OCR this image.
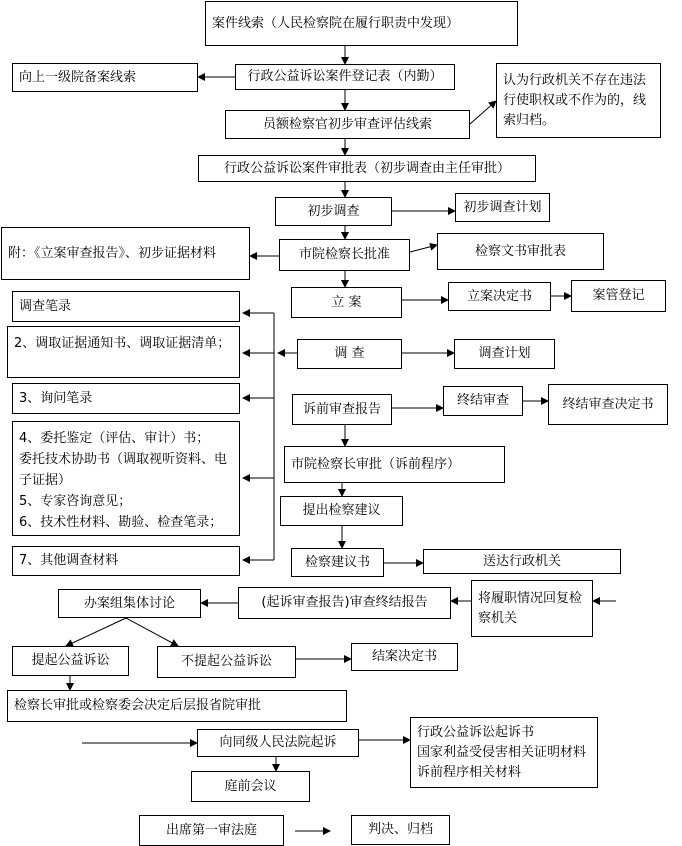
案件线索（人民检察院在履行职责中发现）
向上一级院备案线索	行政公益诉讼案件登记表（内勤）	认为行政机关不存在违法行使职权或不作为的，线索归档。
员额检察官初步审查评估线索
行政公益诉讼案件审批表（初步调查由主任审批）
初步调查	初步调查计划
附：《立案审查报告》、初步证据材料	市院检察长批准	检察文书审批表
立 案	立案决定书	案管登记
调查笔录
2、调取证据通知书、调取证据清单；
调 查	调查计划
3、询问笔录
诉前审查报告
终结审查	终结审查决定书
4、委托鉴定（评估、审计）书；
委托技术协助书（调取视听资料、电子证据）
5、专家咨询意见；
6、技术性材料、勘验、检查笔录；
市院检察长审批（诉前程序）
提出检察建议
7、其他调查材料	检察建议书	送达行政机关
办案组集体讨论	(起诉审查报告)审查终结报告	将履职情况回复检察机关
提起公益诉讼	不提起公益诉讼	结案决定书
检察长审批或检察委会决定后层报省院审批
向同级人民法院起诉
行政公益诉讼起诉书
国家利益受侵害相关证明材料
诉前程序相关材料
庭前会议
出席第一审法庭	判决、归档
